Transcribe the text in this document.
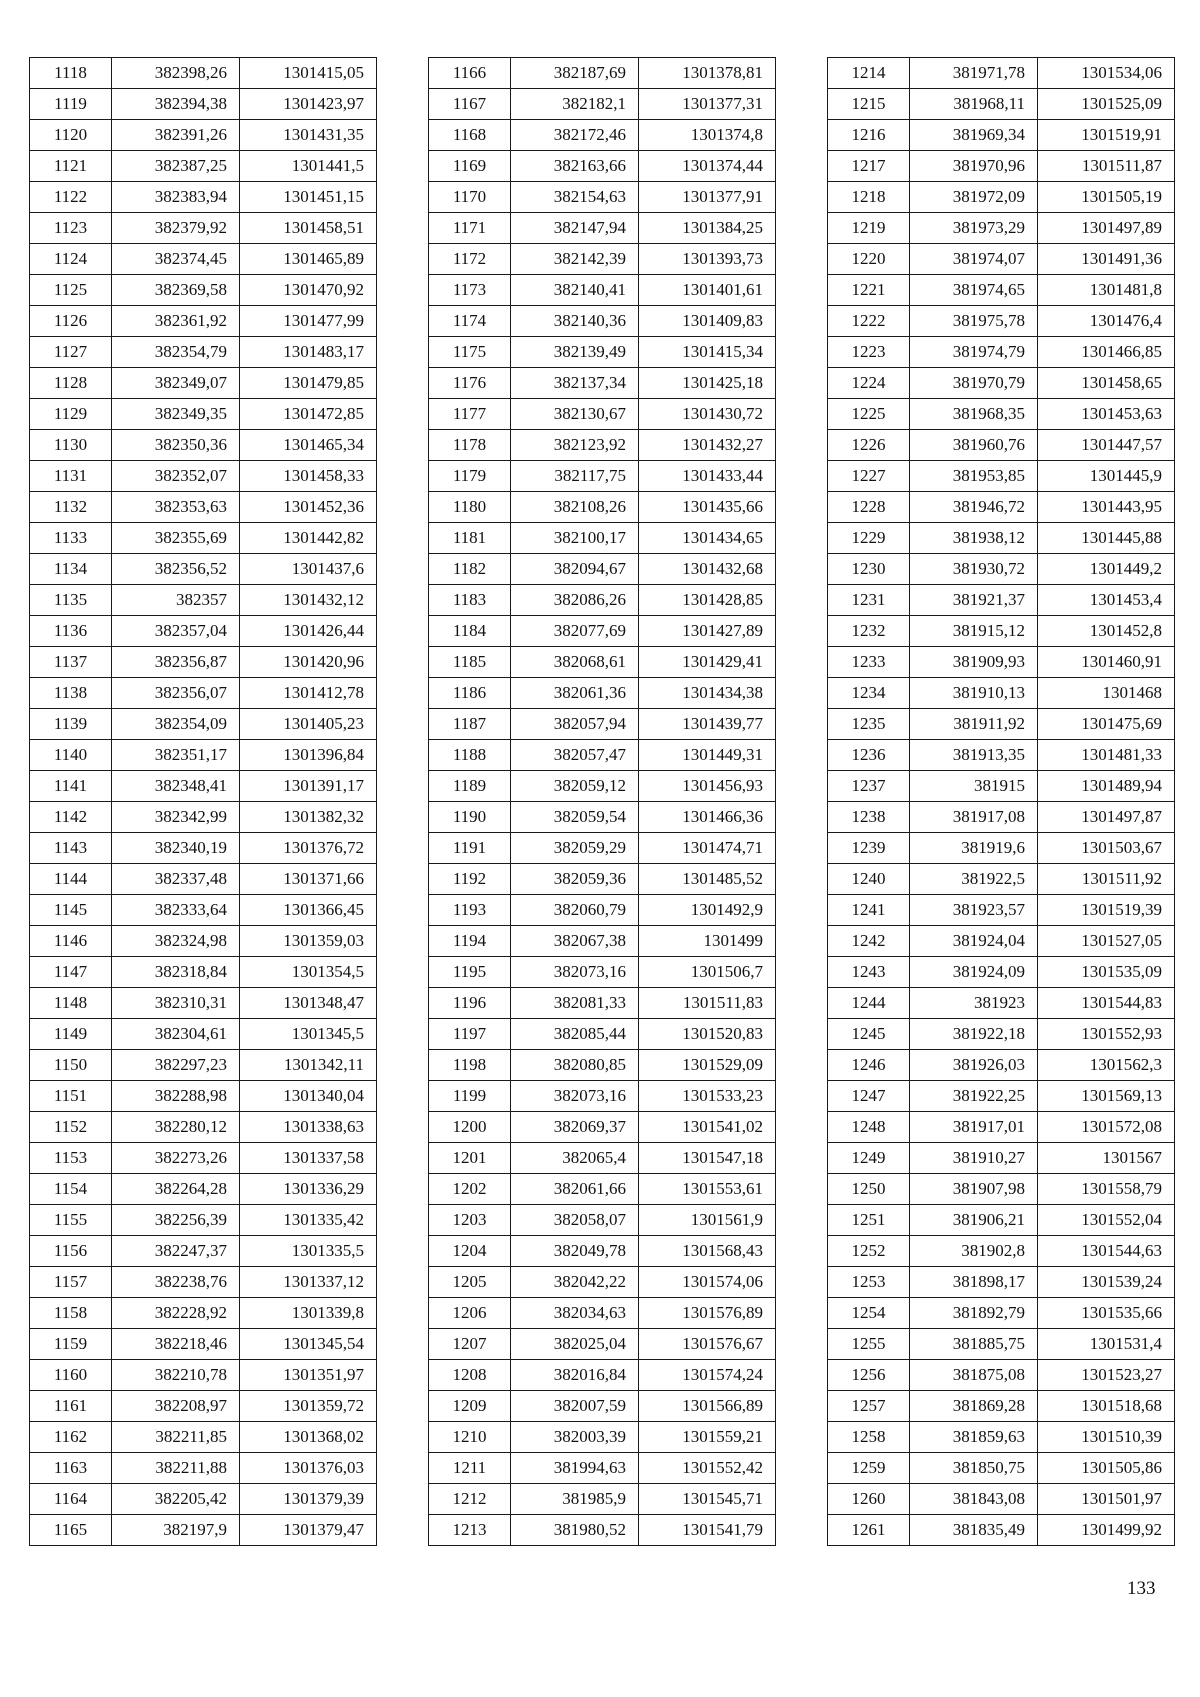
1118	382398,26	1301415,05
1119	382394,38	1301423,97
1120	382391,26	1301431,35
1121	382387,25	1301441,5
1122	382383,94	1301451,15
1123	382379,92	1301458,51
1124	382374,45	1301465,89
1125	382369,58	1301470,92
1126	382361,92	1301477,99
1127	382354,79	1301483,17
1128	382349,07	1301479,85
1129	382349,35	1301472,85
1130	382350,36	1301465,34
1131	382352,07	1301458,33
1132	382353,63	1301452,36
1133	382355,69	1301442,82
1134	382356,52	1301437,6
1135	382357	1301432,12
1136	382357,04	1301426,44
1137	382356,87	1301420,96
1138	382356,07	1301412,78
1139	382354,09	1301405,23
1140	382351,17	1301396,84
1141	382348,41	1301391,17
1142	382342,99	1301382,32
1143	382340,19	1301376,72
1144	382337,48	1301371,66
1145	382333,64	1301366,45
1146	382324,98	1301359,03
1147	382318,84	1301354,5
1148	382310,31	1301348,47
1149	382304,61	1301345,5
1150	382297,23	1301342,11
1151	382288,98	1301340,04
1152	382280,12	1301338,63
1153	382273,26	1301337,58
1154	382264,28	1301336,29
1155	382256,39	1301335,42
1156	382247,37	1301335,5
1157	382238,76	1301337,12
1158	382228,92	1301339,8
1159	382218,46	1301345,54
1160	382210,78	1301351,97
1161	382208,97	1301359,72
1162	382211,85	1301368,02
1163	382211,88	1301376,03
1164	382205,42	1301379,39
1165	382197,9	1301379,47
1166	382187,69	1301378,81
1167	382182,1	1301377,31
1168	382172,46	1301374,8
1169	382163,66	1301374,44
1170	382154,63	1301377,91
1171	382147,94	1301384,25
1172	382142,39	1301393,73
1173	382140,41	1301401,61
1174	382140,36	1301409,83
1175	382139,49	1301415,34
1176	382137,34	1301425,18
1177	382130,67	1301430,72
1178	382123,92	1301432,27
1179	382117,75	1301433,44
1180	382108,26	1301435,66
1181	382100,17	1301434,65
1182	382094,67	1301432,68
1183	382086,26	1301428,85
1184	382077,69	1301427,89
1185	382068,61	1301429,41
1186	382061,36	1301434,38
1187	382057,94	1301439,77
1188	382057,47	1301449,31
1189	382059,12	1301456,93
1190	382059,54	1301466,36
1191	382059,29	1301474,71
1192	382059,36	1301485,52
1193	382060,79	1301492,9
1194	382067,38	1301499
1195	382073,16	1301506,7
1196	382081,33	1301511,83
1197	382085,44	1301520,83
1198	382080,85	1301529,09
1199	382073,16	1301533,23
1200	382069,37	1301541,02
1201	382065,4	1301547,18
1202	382061,66	1301553,61
1203	382058,07	1301561,9
1204	382049,78	1301568,43
1205	382042,22	1301574,06
1206	382034,63	1301576,89
1207	382025,04	1301576,67
1208	382016,84	1301574,24
1209	382007,59	1301566,89
1210	382003,39	1301559,21
1211	381994,63	1301552,42
1212	381985,9	1301545,71
1213	381980,52	1301541,79
1214	381971,78	1301534,06
1215	381968,11	1301525,09
1216	381969,34	1301519,91
1217	381970,96	1301511,87
1218	381972,09	1301505,19
1219	381973,29	1301497,89
1220	381974,07	1301491,36
1221	381974,65	1301481,8
1222	381975,78	1301476,4
1223	381974,79	1301466,85
1224	381970,79	1301458,65
1225	381968,35	1301453,63
1226	381960,76	1301447,57
1227	381953,85	1301445,9
1228	381946,72	1301443,95
1229	381938,12	1301445,88
1230	381930,72	1301449,2
1231	381921,37	1301453,4
1232	381915,12	1301452,8
1233	381909,93	1301460,91
1234	381910,13	1301468
1235	381911,92	1301475,69
1236	381913,35	1301481,33
1237	381915	1301489,94
1238	381917,08	1301497,87
1239	381919,6	1301503,67
1240	381922,5	1301511,92
1241	381923,57	1301519,39
1242	381924,04	1301527,05
1243	381924,09	1301535,09
1244	381923	1301544,83
1245	381922,18	1301552,93
1246	381926,03	1301562,3
1247	381922,25	1301569,13
1248	381917,01	1301572,08
1249	381910,27	1301567
1250	381907,98	1301558,79
1251	381906,21	1301552,04
1252	381902,8	1301544,63
1253	381898,17	1301539,24
1254	381892,79	1301535,66
1255	381885,75	1301531,4
1256	381875,08	1301523,27
1257	381869,28	1301518,68
1258	381859,63	1301510,39
1259	381850,75	1301505,86
1260	381843,08	1301501,97
1261	381835,49	1301499,92
133
